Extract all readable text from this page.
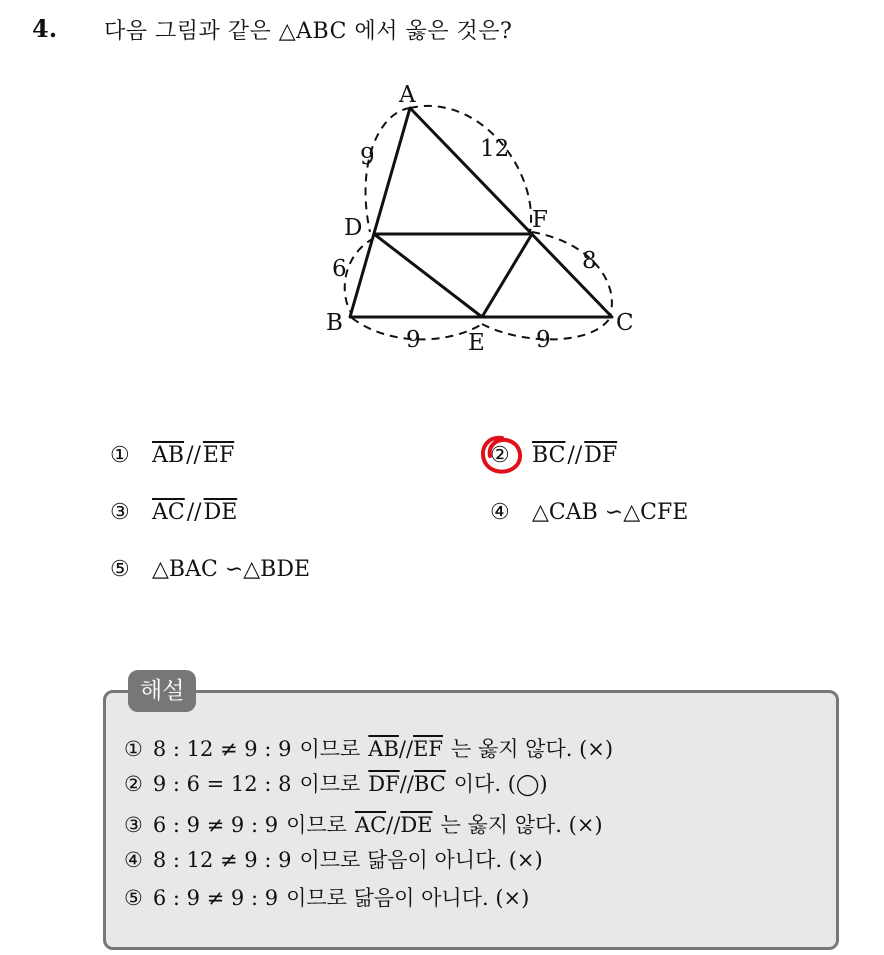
4. 다음 그림과 같은 △ABC 에서 옳은 것은?
A
B	C
D
E
F
9	12
6	8
9	9
①	$\overline{AB}//\overline{EF}$	②	$\overline{BC}//\overline{DF}$
③	$\overline{AC}//\overline{DE}$	④	△CAB ∽△CFE
⑤	△BAC ∽△BDE
해설
① 8 : 12 ≠ 9 : 9 이므로 $\overline{AB} // \overline{EF}$ 는 옳지 않다. (×)
② 9 : 6 = 12 : 8 이므로 $\overline{DF} // \overline{BC}$ 이다. (◯)
③ 6 : 9 ≠ 9 : 9 이므로 $\overline{AC} // \overline{DE}$ 는 옳지 않다. (×)
④ 8 : 12 ≠ 9 : 9 이므로 닮음이 아니다. (×)
⑤ 6 : 9 ≠ 9 : 9 이므로 닮음이 아니다. (×)
